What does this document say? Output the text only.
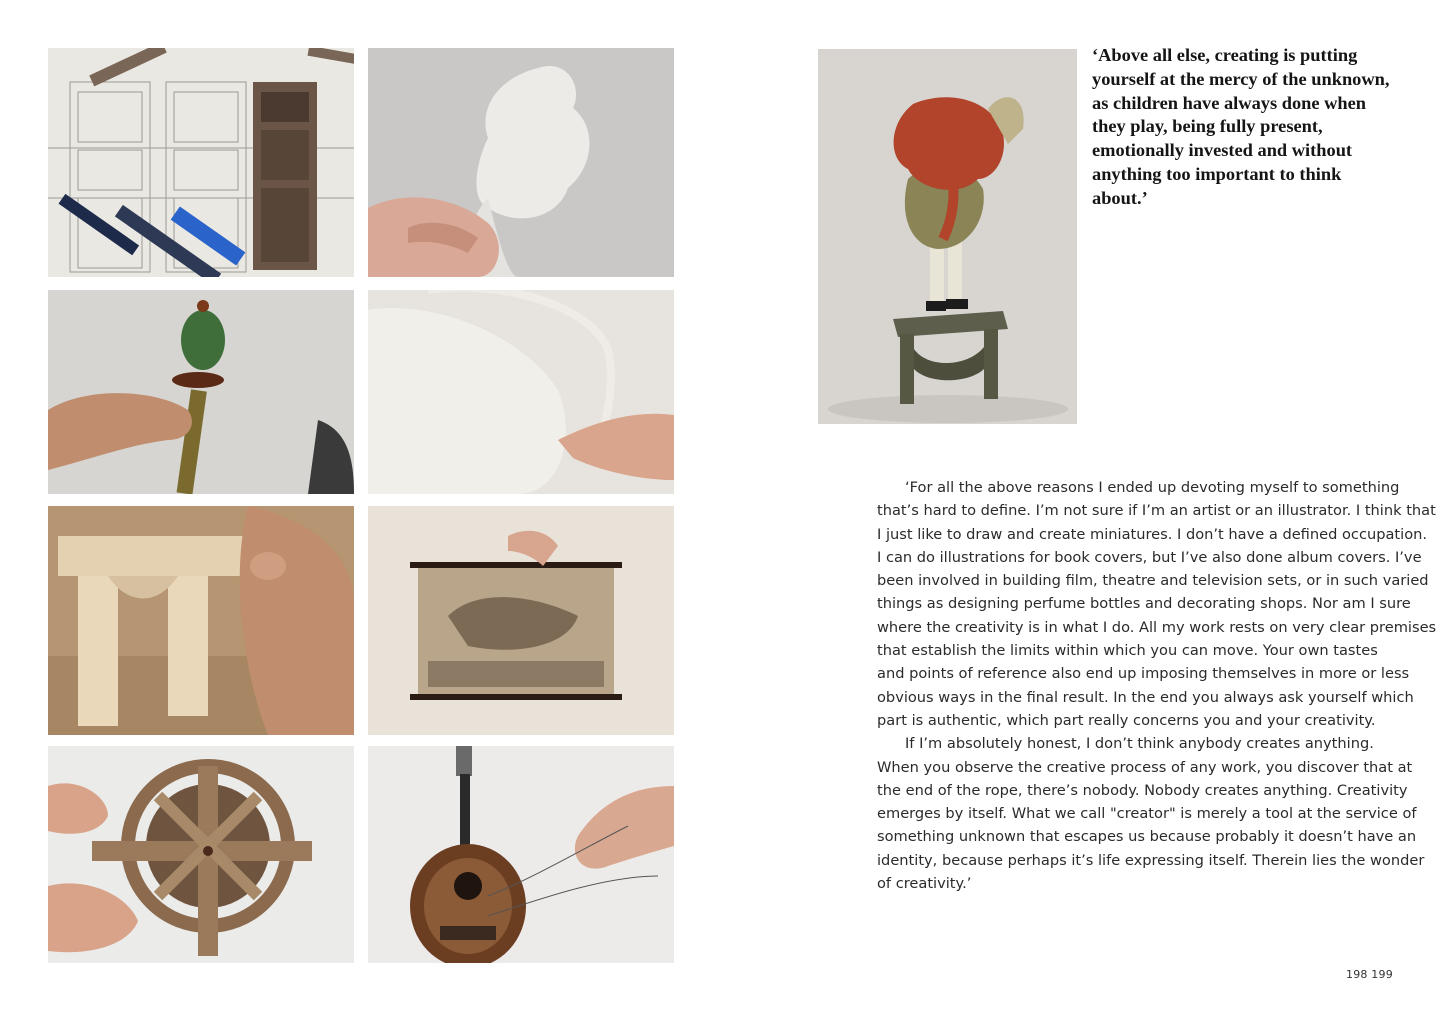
‘Above all else, creating is putting
yourself at the mercy of the unknown,
as children have always done when
they play, being fully present,
emotionally invested and without
anything too important to think
about.’
‘For all the above reasons I ended up devoting myself to something
that’s hard to define. I’m not sure if I’m an artist or an illustrator. I think that
I just like to draw and create miniatures. I don’t have a defined occupation.
I can do illustrations for book covers, but I’ve also done album covers. I’ve
been involved in building film, theatre and television sets, or in such varied
things as designing perfume bottles and decorating shops. Nor am I sure
where the creativity is in what I do. All my work rests on very clear premises
that establish the limits within which you can move. Your own tastes
and points of reference also end up imposing themselves in more or less
obvious ways in the final result. In the end you always ask yourself which
part is authentic, which part really concerns you and your creativity.
If I’m absolutely honest, I don’t think anybody creates anything.
When you observe the creative process of any work, you discover that at
the end of the rope, there’s nobody. Nobody creates anything. Creativity
emerges by itself. What we call "creator" is merely a tool at the service of
something unknown that escapes us because probably it doesn’t have an
identity, because perhaps it’s life expressing itself. Therein lies the wonder
of creativity.’
198 199
